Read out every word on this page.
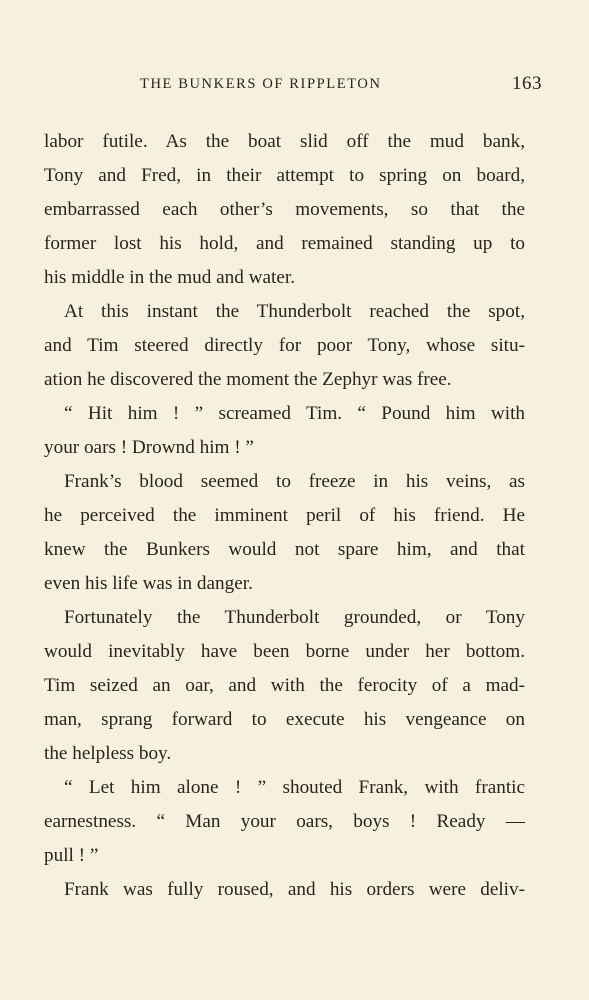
THE BUNKERS OF RIPPLETON	163
labor futile. As the boat slid off the mud bank,
Tony and Fred, in their attempt to spring on board,
embarrassed each other’s movements, so that the
former lost his hold, and remained standing up to
his middle in the mud and water.
At this instant the Thunderbolt reached the spot,
and Tim steered directly for poor Tony, whose situ-
ation he discovered the moment the Zephyr was free.
“ Hit him ! ” screamed Tim. “ Pound him with
your oars ! Drownd him ! ”
Frank’s blood seemed to freeze in his veins, as
he perceived the imminent peril of his friend. He
knew the Bunkers would not spare him, and that
even his life was in danger.
Fortunately the Thunderbolt grounded, or Tony
would inevitably have been borne under her bottom.
Tim seized an oar, and with the ferocity of a mad-
man, sprang forward to execute his vengeance on
the helpless boy.
“ Let him alone ! ” shouted Frank, with frantic
earnestness. “ Man your oars, boys ! Ready —
pull ! ”
Frank was fully roused, and his orders were deliv-
